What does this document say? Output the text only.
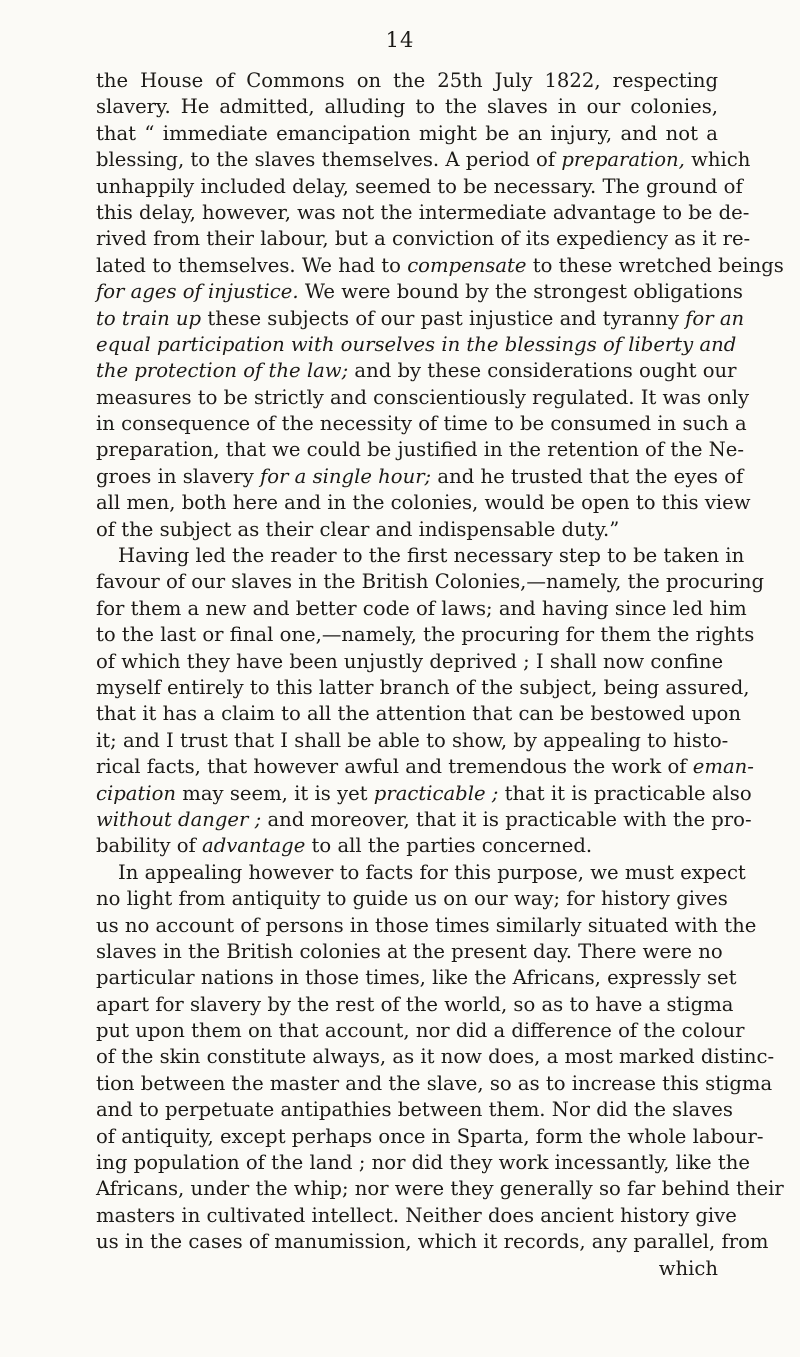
14
the House of Commons on the 25th July 1822, respecting
slavery. He admitted, alluding to the slaves in our colonies,
that “ immediate emancipation might be an injury, and not a
blessing, to the slaves themselves. A period of preparation, which
unhappily included delay, seemed to be necessary. The ground of
this delay, however, was not the intermediate advantage to be de-
rived from their labour, but a conviction of its expediency as it re-
lated to themselves. We had to compensate to these wretched beings
for ages of injustice. We were bound by the strongest obligations
to train up these subjects of our past injustice and tyranny for an
equal participation with ourselves in the blessings of liberty and
the protection of the law; and by these considerations ought our
measures to be strictly and conscientiously regulated. It was only
in consequence of the necessity of time to be consumed in such a
preparation, that we could be justified in the retention of the Ne-
groes in slavery for a single hour; and he trusted that the eyes of
all men, both here and in the colonies, would be open to this view
of the subject as their clear and indispensable duty.”
Having led the reader to the first necessary step to be taken in
favour of our slaves in the British Colonies,—namely, the procuring
for them a new and better code of laws; and having since led him
to the last or final one,—namely, the procuring for them the rights
of which they have been unjustly deprived ; I shall now confine
myself entirely to this latter branch of the subject, being assured,
that it has a claim to all the attention that can be bestowed upon
it; and I trust that I shall be able to show, by appealing to histo-
rical facts, that however awful and tremendous the work of eman-
cipation may seem, it is yet practicable ; that it is practicable also
without danger ; and moreover, that it is practicable with the pro-
bability of advantage to all the parties concerned.
In appealing however to facts for this purpose, we must expect
no light from antiquity to guide us on our way; for history gives
us no account of persons in those times similarly situated with the
slaves in the British colonies at the present day. There were no
particular nations in those times, like the Africans, expressly set
apart for slavery by the rest of the world, so as to have a stigma
put upon them on that account, nor did a difference of the colour
of the skin constitute always, as it now does, a most marked distinc-
tion between the master and the slave, so as to increase this stigma
and to perpetuate antipathies between them. Nor did the slaves
of antiquity, except perhaps once in Sparta, form the whole labour-
ing population of the land ; nor did they work incessantly, like the
Africans, under the whip; nor were they generally so far behind their
masters in cultivated intellect. Neither does ancient history give
us in the cases of manumission, which it records, any parallel, from
which
